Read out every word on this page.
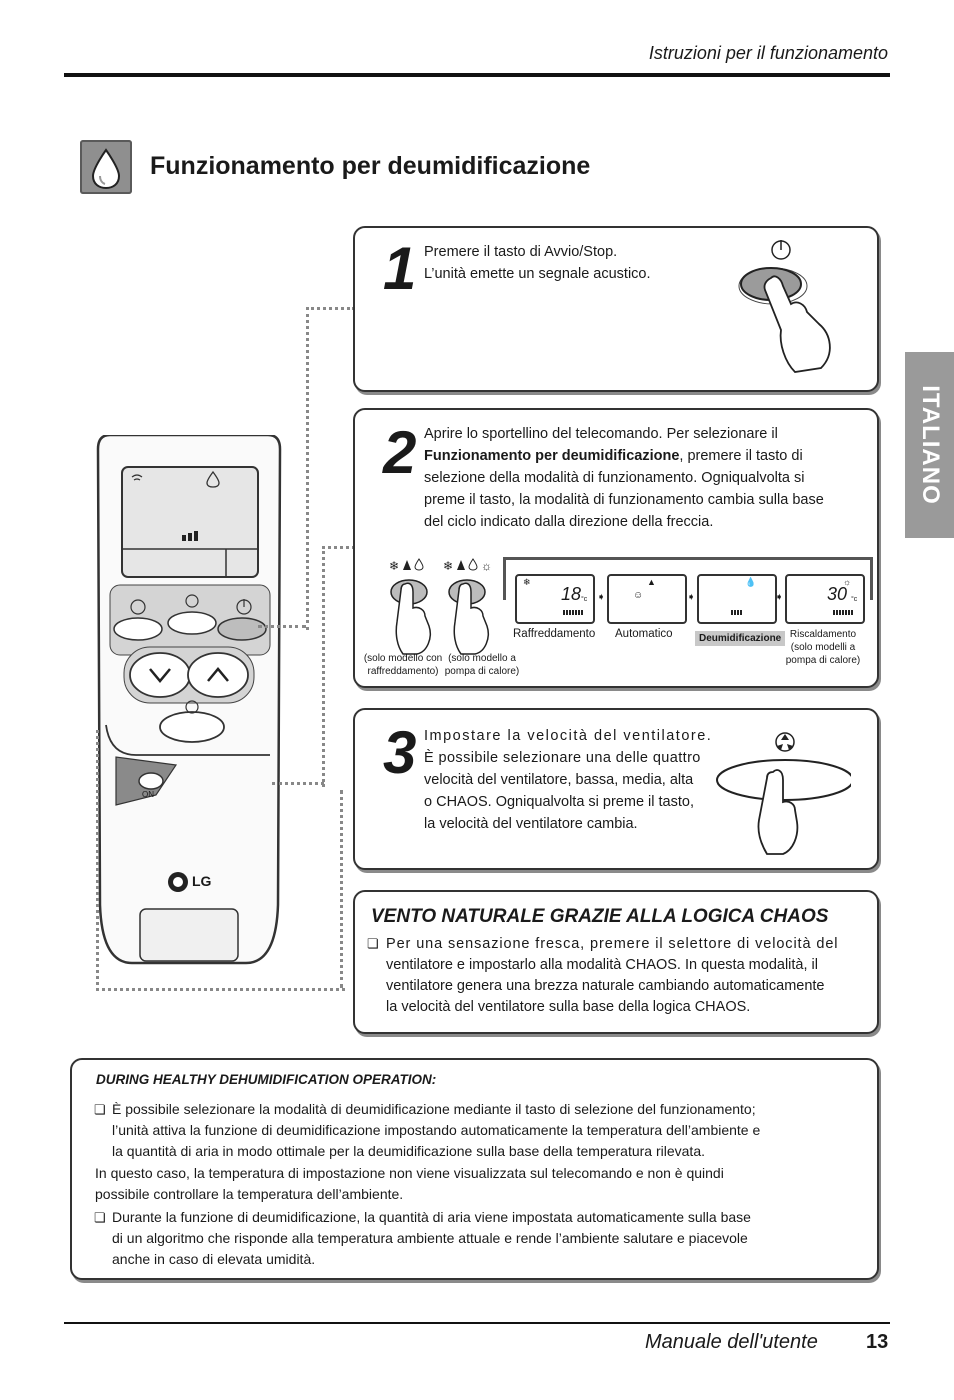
Istruzioni per il funzionamento
Funzionamento per deumidificazione
ITALIANO
ON
LG
1 Premere il tasto di Avvio/Stop.
L’unità emette un segnale acustico.
2 Aprire lo sportellino del telecomando. Per selezionare il
Funzionamento per deumidificazione, premere il tasto di
selezione della modalità di funzionamento. Ogniqualvolta si
preme il tasto, la modalità di funzionamento cambia sulla base
del ciclo indicato dalla direzione della freccia.
❄	❄ ☼
(solo modello con
raffreddamento)
(solo modello a
pompa di calore)
❄
18 °c ➧
▲
☺	➧
💧
➧
☼
30 °c
Raffreddamento Automatico	Deumidificazione Riscaldamento
(solo modelli a
pompa di calore)
3 Impostare la velocità del ventilatore.
È possibile selezionare una delle quattro
velocità del ventilatore, bassa, media, alta
o CHAOS. Ogniqualvolta si preme il tasto,
la velocità del ventilatore cambia.
VENTO NATURALE GRAZIE ALLA LOGICA CHAOS
❏ Per una sensazione fresca, premere il selettore di velocità del
ventilatore e impostarlo alla modalità CHAOS. In questa modalità, il
ventilatore genera una brezza naturale cambiando automaticamente
la velocità del ventilatore sulla base della logica CHAOS.
DURING HEALTHY DEHUMIDIFICATION OPERATION:
❏ È possibile selezionare la modalità di deumidificazione mediante il tasto di selezione del funzionamento;
l’unità attiva la funzione di deumidificazione impostando automaticamente la temperatura dell’ambiente e
la quantità di aria in modo ottimale per la deumidificazione sulla base della temperatura rilevata.
In questo caso, la temperatura di impostazione non viene visualizzata sul telecomando e non è quindi
possibile controllare la temperatura dell’ambiente.
❏ Durante la funzione di deumidificazione, la quantità di aria viene impostata automaticamente sulla base
di un algoritmo che risponde alla temperatura ambiente attuale e rende l’ambiente salutare e piacevole
anche in caso di elevata umidità.
Manuale dell'utente 13
